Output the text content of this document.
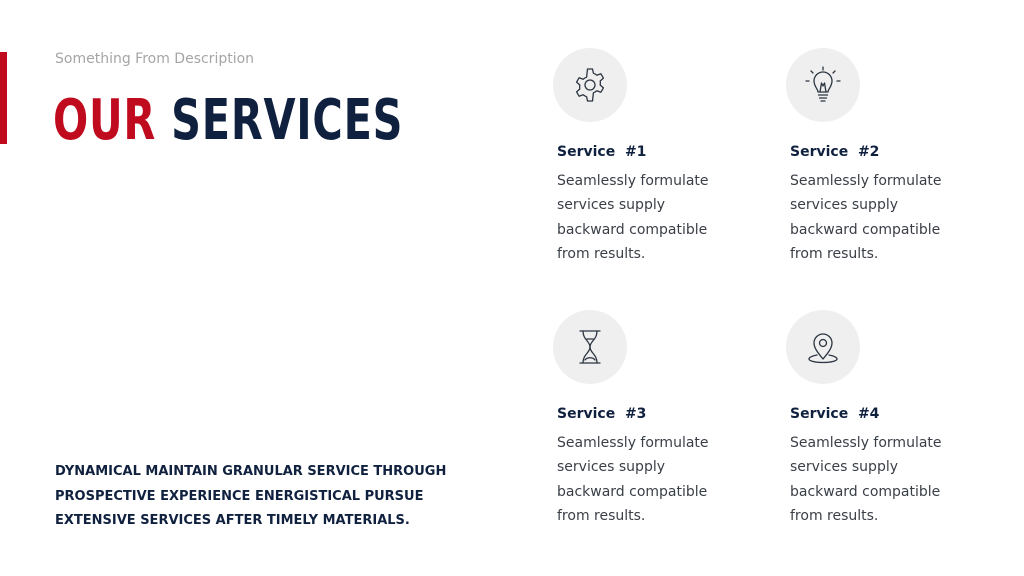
Something From Description
OUR SERVICES
DYNAMICAL MAINTAIN GRANULAR SERVICE THROUGH PROSPECTIVE EXPERIENCE ENERGISTICAL PURSUE EXTENSIVE SERVICES AFTER TIMELY MATERIALS.
Service  #1
Seamlessly formulate services supply backward compatible from results.
Service  #2
Seamlessly formulate services supply backward compatible from results.
Service  #3
Seamlessly formulate services supply backward compatible from results.
Service  #4
Seamlessly formulate services supply backward compatible from results.
